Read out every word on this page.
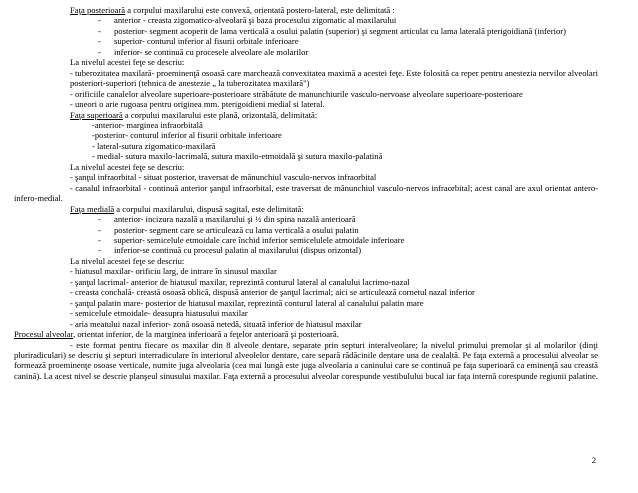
Faţa posterioară a corpului maxilarului este convexă, orientată postero-lateral, este delimitată :
-	anterior - creasta zigomatico-alveolară şi baza procesului zigomatic al maxilarului
-	posterior- segment acoperit de lama verticală a osului palatin (superior) şi segment articulat cu lama laterală pterigoidiană (inferior)
-	superior- conturul inferior al fisurii orbitale inferioare
-	inferior- se continuă cu procesele alveolare ale molarilor
La nivelul acestei feţe se descriu:
- tuberozitatea maxilară- proeminenţă osoasă care marchează convexitatea maximă a acestei feţe. Este folosită ca reper pentru anestezia nervilor alveolari posteriori-superiori (tehnica de anestezie „ la tuberozitatea maxilară")
- orificiile canalelor alveolare superioare-posterioare străbătute de manunchiurile vasculo-nervoase alveolare superioare-posterioare
- uneori o arie rugoasa pentru originea mm. pterigoidieni medial si lateral.
Faţa superioară a corpului maxilarului este plană, orizontală, delimitată:
-anterior- marginea infraorbitală
-posterior- conturul inferior al fisurii orbitale inferioare
- lateral-sutura zigomatico-maxilară
- medial- sutura maxilo-lacrimală, sutura maxilo-etmoidală şi sutura maxilo-palatină
La nivelul acestei feţe se descriu:
- şanţul infraorbital - situat posterior, traversat de mănunchiul vasculo-nervos infraorbital
- canalul infraorbital - continuă anterior şanţul infraorbital, este traversat de mănunchiul vasculo-nervos infraorbital; acest canal are axul orientat antero-infero-medial.
Faţa medială a corpului maxilarului, dispusă sagital, este delimitată:
-	anterior- incizura nazală a maxilarului şi ½ din spina nazală anterioară
-	posterior- segment care se articulează cu lama verticală a osului palatin
-	superior- semicelule etmoidale care închid inferior semicelulele atmoidale inferioare
-	inferior-se continuă cu procesul palatin al maxilarului (dispus orizontal)
La nivelul acestei feţe se descriu:
- hiatusul maxilar- orificiu larg, de intrare în sinusul maxilar
- şanţul lacrimal- anterior de hiatusul maxilar, reprezintă conturul lateral al canalului lacrimo-nazal
- creasta conchală- creastă osoasă oblică, dispusă anterior de şanţul lacrimal; aici se articulează cornetul nazal inferior
- şanţul palatin mare- posterior de hiatusul maxilar, reprezintă conturul lateral al canalului palatin mare
- semicelule etmoidale- deasupra hiatusului maxilar
- aria meatului nazal inferior- zonă osoasă netedă, situată inferior de hiatusul maxilar
Procesul alveolar, orientat inferior, de la marginea inferioară a feţelor anterioară şi posterioară.
- este format pentru fiecare os maxilar din 8 alveole dentare, separate prin septuri interalveolare; la nivelul primului premolar şi al molarilor (dinţi pluriradiculari) se descriu şi septuri interradiculare în interiorul alveolelor dentare, care separă rădăcinile dentare una de cealaltă. Pe faţa externă a procesului alveolar se formează proeminenţe osoase verticale, numite juga alveolaria (cea mai lungă este juga alveolaria a caninului care se continuă pe faţa superioară ca eminenţă sau creastă canină). La acest nivel se descrie planşeul sinusului maxilar. Faţa externă a procesului alveolar corespunde vestibulului bucal iar faţa internă corespunde regiunii palatine.
2
